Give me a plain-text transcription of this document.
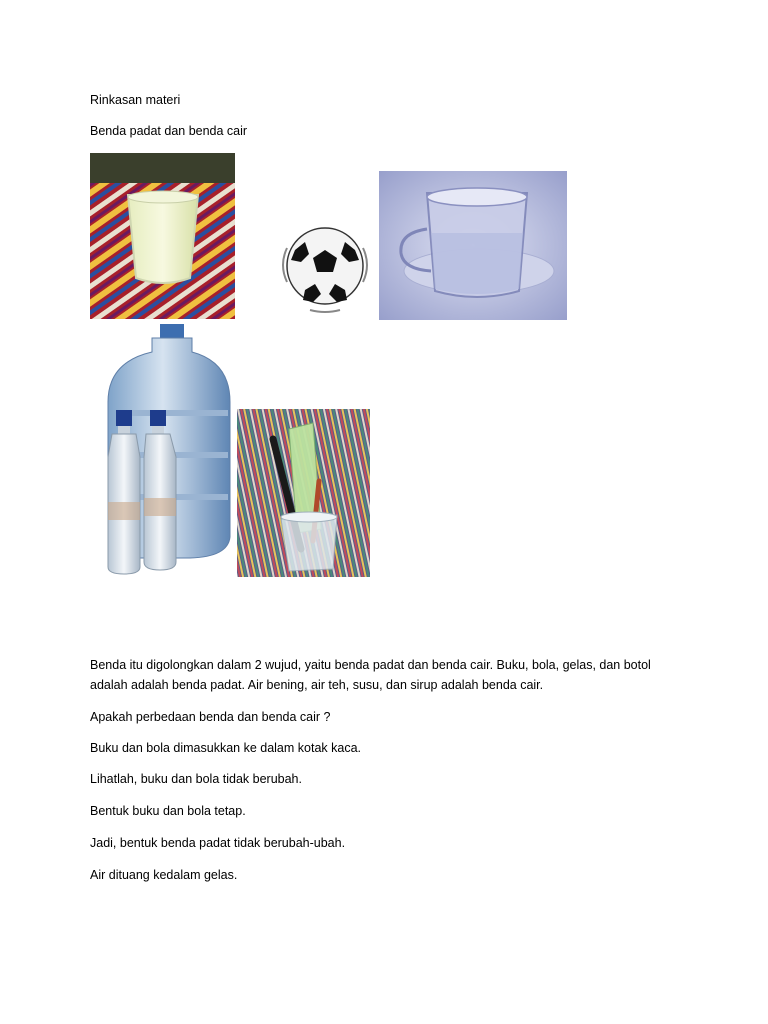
Rinkasan materi

Benda padat dan benda cair

Benda itu digolongkan dalam 2 wujud, yaitu benda padat dan benda cair. Buku, bola, gelas, dan botol adalah adalah benda padat. Air bening, air teh, susu, dan sirup adalah benda cair.

Apakah perbedaan benda dan benda cair ?

Buku dan bola dimasukkan ke dalam kotak kaca.

Lihatlah, buku dan bola tidak berubah.

Bentuk buku dan bola tetap.

Jadi, bentuk benda padat tidak berubah-ubah.

Air dituang kedalam gelas.
